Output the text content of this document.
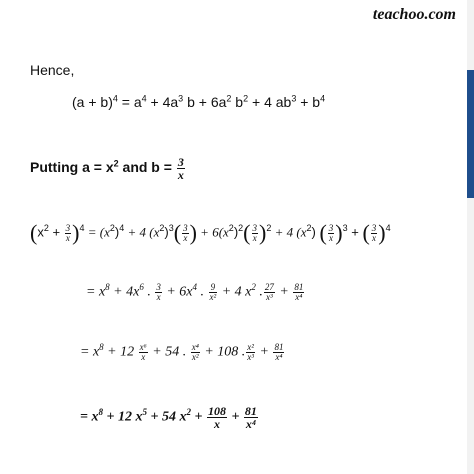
teachoo.com
Hence,
$(a + b)^4 = a^4 + 4a^3$ $b + 6a^2$ $b^2 + 4$ $ab^3 + b^4$
Putting $a = x^2$ and $b = \frac{3}{x}$
$(x^2 + \frac{3}{x} )^4 = (x^2)^4 + 4$ $(x^2)^3( \frac{3}{x}$ ) + $6(x^2)^2( \frac{3}{x} )^2 + 4$ $(x^2)$ ( $\frac{3}{x} )^3$ + ( $\frac{3}{x} )^4$
= $x^8 + 4x^6$ . $\frac{3}{x} + 6x^4$ . $\frac{9}{\text{x²}} + 4$ $x^2$ . $\frac{27}{\text{x³}} + \frac{81}{\text{x⁴}}$
= $x^8 + 12 \frac{\text{x⁶}}{x} + 54$ . $\frac{\text{x⁴}}{\text{x²}} + 108$ . $\frac{\text{x²}}{\text{x³}} + \frac{81}{\text{x⁴}}$
= $x^8 + 12$ $x^5 + 54$ $x^2 + \frac{108}{x} + \frac{81}{\text{x⁴}}$
